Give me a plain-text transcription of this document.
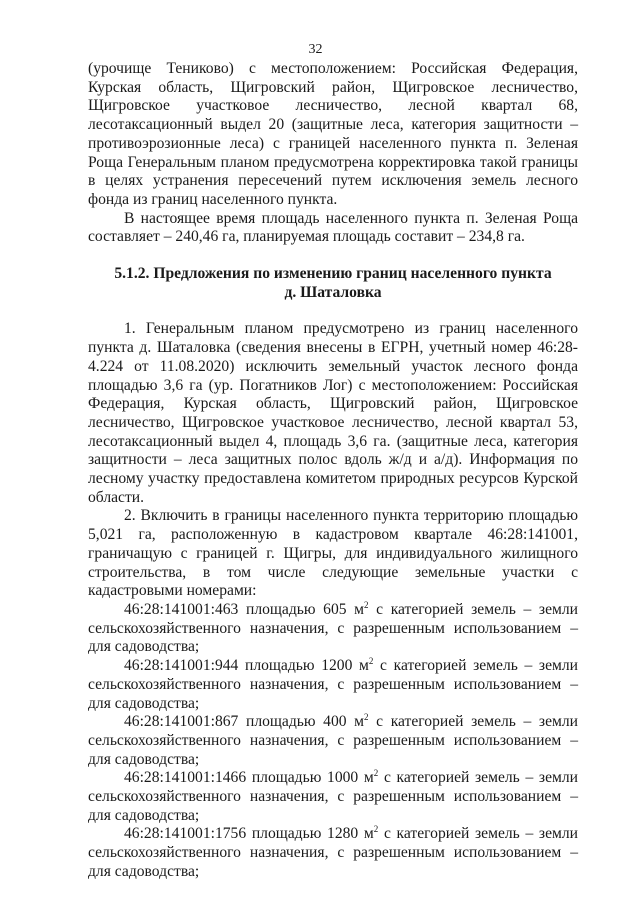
32

(урочище Тениково) с местоположением: Российская Федерация, Курская область, Щигровский район, Щигровское лесничество, Щигровское участковое лесничество, лесной квартал 68, лесотаксационный выдел 20 (защитные леса, категория защитности – противоэрозионные леса) с границей населенного пункта п. Зеленая Роща Генеральным планом предусмотрена корректировка такой границы в целях устранения пересечений путем исключения земель лесного фонда из границ населенного пункта.

В настоящее время площадь населенного пункта п. Зеленая Роща составляет – 240,46 га, планируемая площадь составит – 234,8 га.

5.1.2. Предложения по изменению границ населенного пункта
д. Шаталовка

1. Генеральным планом предусмотрено из границ населенного пункта д. Шаталовка (сведения внесены в ЕГРН, учетный номер 46:28-4.224 от 11.08.2020) исключить земельный участок лесного фонда площадью 3,6 га (ур. Погатников Лог) с местоположением: Российская Федерация, Курская область, Щигровский район, Щигровское лесничество, Щигровское участковое лесничество, лесной квартал 53, лесотаксационный выдел 4, площадь 3,6 га. (защитные леса, категория защитности – леса защитных полос вдоль ж/д и а/д). Информация по лесному участку предоставлена комитетом природных ресурсов Курской области.

2. Включить в границы населенного пункта территорию площадью 5,021 га, расположенную в кадастровом квартале 46:28:141001, граничащую с границей г. Щигры, для индивидуального жилищного строительства, в том числе следующие земельные участки с кадастровыми номерами:

46:28:141001:463 площадью 605 $м^2$ с категорией земель – земли сельскохозяйственного назначения, с разрешенным использованием – для садоводства;

46:28:141001:944 площадью 1200 $м^2$ с категорией земель – земли сельскохозяйственного назначения, с разрешенным использованием – для садоводства;

46:28:141001:867 площадью 400 $м^2$ с категорией земель – земли сельскохозяйственного назначения, с разрешенным использованием – для садоводства;

46:28:141001:1466 площадью 1000 $м^2$ с категорией земель – земли сельскохозяйственного назначения, с разрешенным использованием – для садоводства;

46:28:141001:1756 площадью 1280 $м^2$ с категорией земель – земли сельскохозяйственного назначения, с разрешенным использованием – для садоводства;
